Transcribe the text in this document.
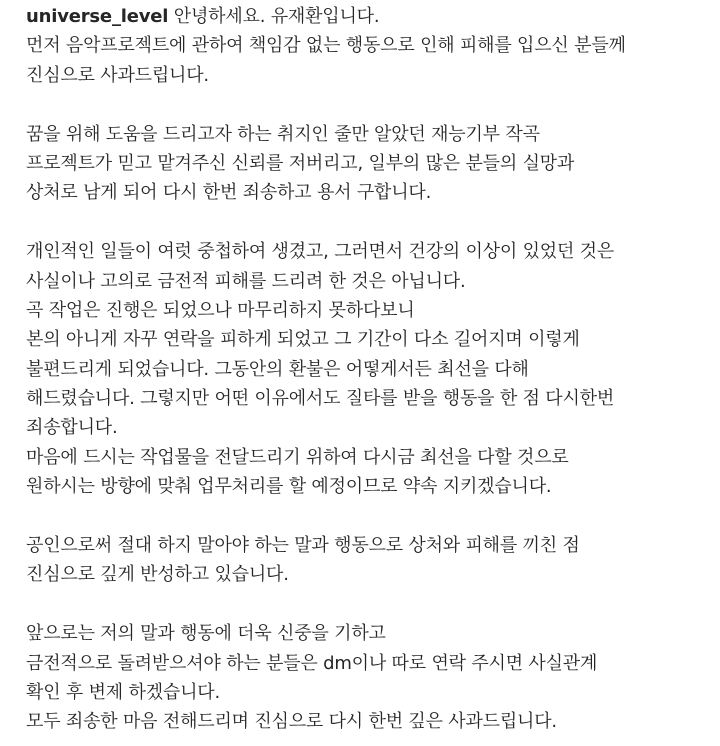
universe_level 안녕하세요. 유재환입니다.
먼저 음악프로젝트에 관하여 책임감 없는 행동으로 인해 피해를 입으신 분들께
진심으로 사과드립니다.
꿈을 위해 도움을 드리고자 하는 취지인 줄만 알았던 재능기부 작곡
프로젝트가 믿고 맡겨주신 신뢰를 저버리고, 일부의 많은 분들의 실망과
상처로 남게 되어 다시 한번 죄송하고 용서 구합니다.
개인적인 일들이 여럿 중첩하여 생겼고, 그러면서 건강의 이상이 있었던 것은
사실이나 고의로 금전적 피해를 드리려 한 것은 아닙니다.
곡 작업은 진행은 되었으나 마무리하지 못하다보니
본의 아니게 자꾸 연락을 피하게 되었고 그 기간이 다소 길어지며 이렇게
불편드리게 되었습니다. 그동안의 환불은 어떻게서든 최선을 다해
해드렸습니다. 그렇지만 어떤 이유에서도 질타를 받을 행동을 한 점 다시한번
죄송합니다.
마음에 드시는 작업물을 전달드리기 위하여 다시금 최선을 다할 것으로
원하시는 방향에 맞춰 업무처리를 할 예정이므로 약속 지키겠습니다.
공인으로써 절대 하지 말아야 하는 말과 행동으로 상처와 피해를 끼친 점
진심으로 깊게 반성하고 있습니다.
앞으로는 저의 말과 행동에 더욱 신중을 기하고
금전적으로 돌려받으셔야 하는 분들은 dm이나 따로 연락 주시면 사실관계
확인 후 변제 하겠습니다.
모두 죄송한 마음 전해드리며 진심으로 다시 한번 깊은 사과드립니다.
